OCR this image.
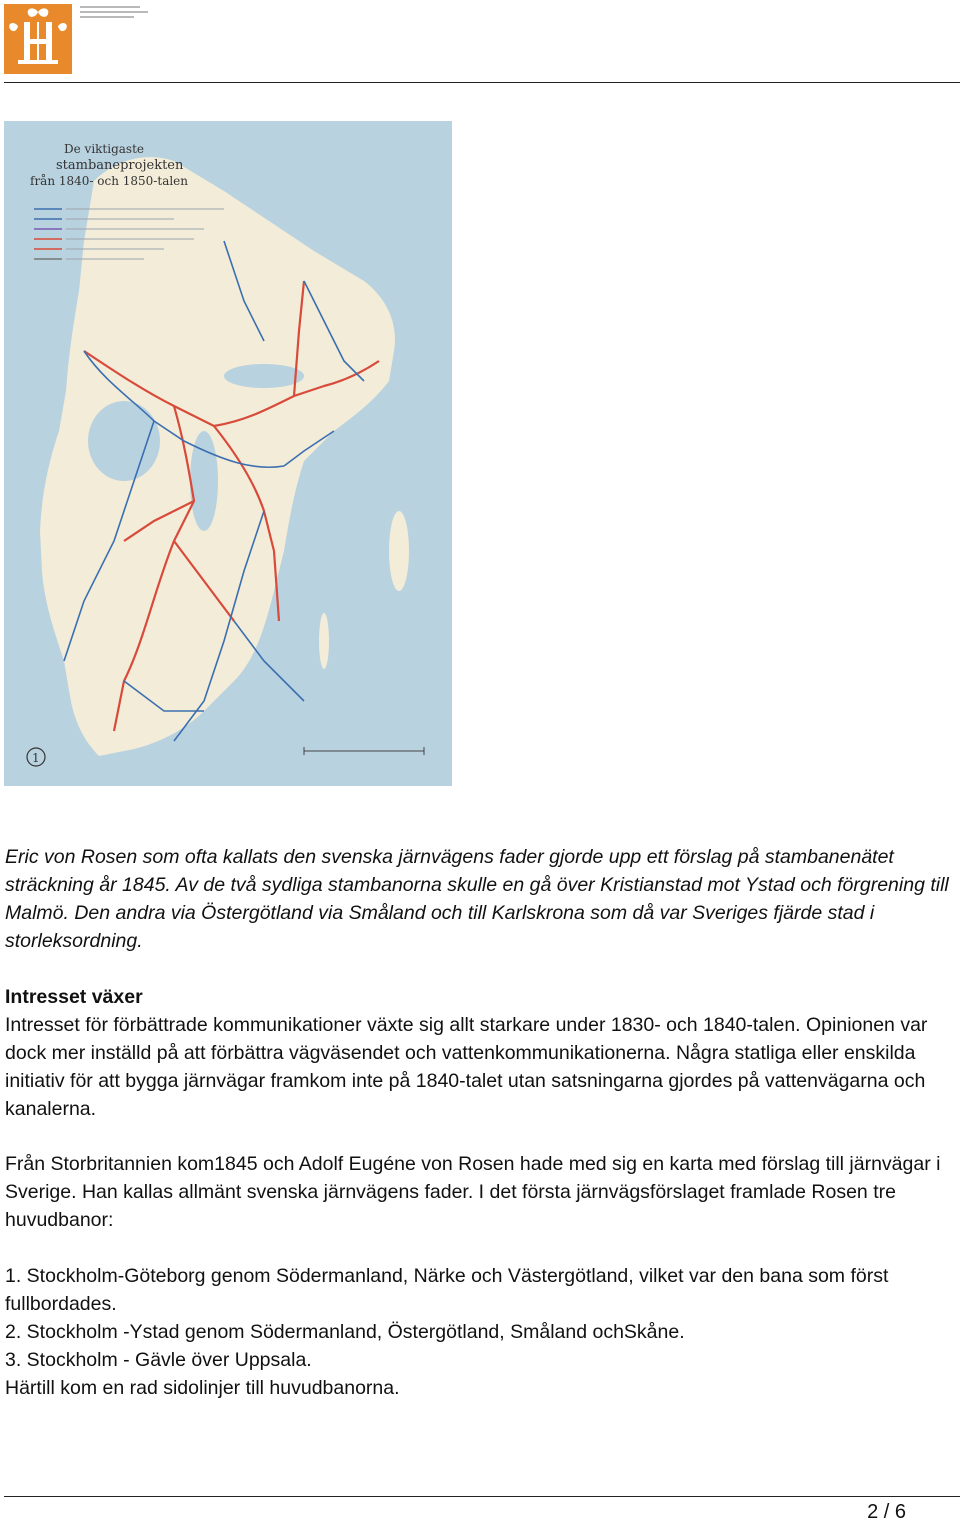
De viktigaste
stambaneprojekten
från 1840- och 1850-talen
1

Eric von Rosen som ofta kallats den svenska järnvägens fader gjorde upp ett förslag på stambanenätet sträckning år 1845. Av de två sydliga stambanorna skulle en gå över Kristianstad mot Ystad och förgrening till Malmö. Den andra via Östergötland via Småland och till Karlskrona som då var Sveriges fjärde stad i storleksordning.

Intresset växer

Intresset för förbättrade kommunikationer växte sig allt starkare under 1830- och 1840-talen. Opinionen var dock mer inställd på att förbättra vägväsendet och vattenkommunikationerna. Några statliga eller enskilda initiativ för att bygga järnvägar framkom inte på 1840-talet utan satsningarna gjordes på vattenvägarna och kanalerna.

Från Storbritannien kom1845 och Adolf Eugéne von Rosen hade med sig en karta med förslag till järnvägar i Sverige. Han kallas allmänt svenska järnvägens fader. I det första järnvägsförslaget framlade Rosen tre huvudbanor:

1. Stockholm-Göteborg genom Södermanland, Närke och Västergötland, vilket var den bana som först fullbordades.
2. Stockholm -Ystad genom Södermanland, Östergötland, Småland ochSkåne.
3. Stockholm - Gävle över Uppsala.
Härtill kom en rad sidolinjer till huvudbanorna.
2 / 6
